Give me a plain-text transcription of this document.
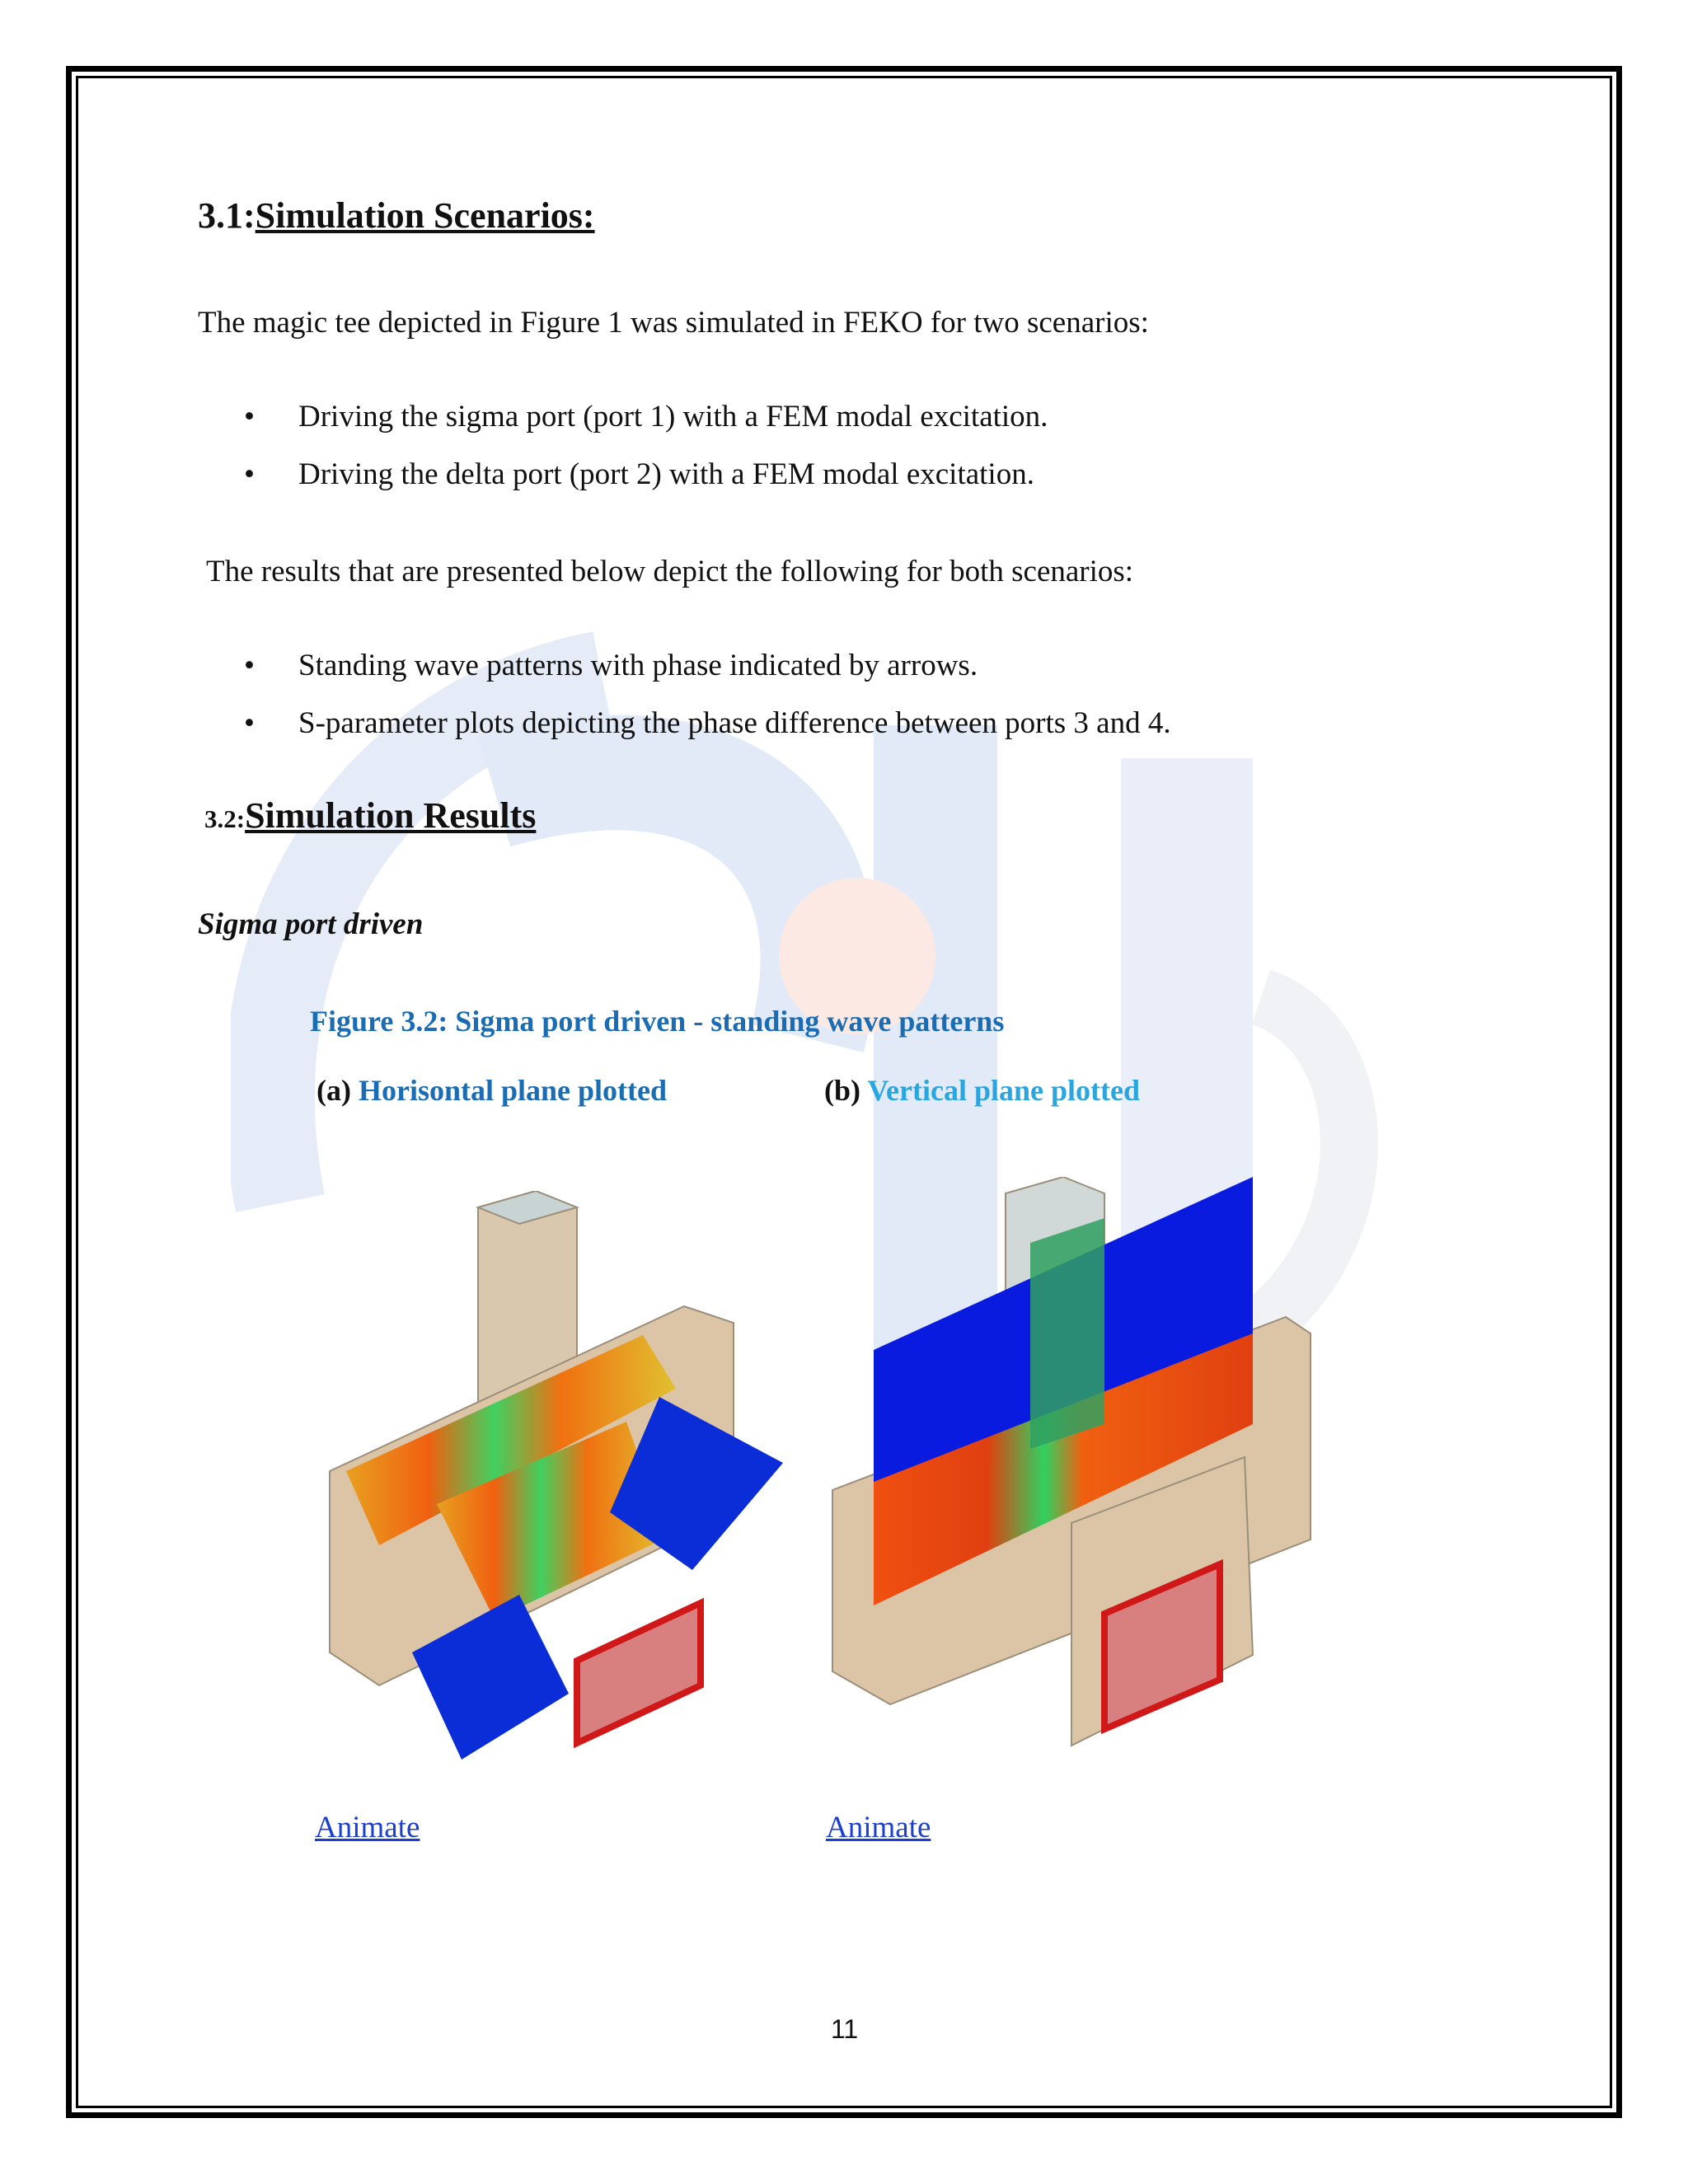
3.1:Simulation Scenarios:
The magic tee depicted in Figure 1 was simulated in FEKO for two scenarios:
• Driving the sigma port (port 1) with a FEM modal excitation.
• Driving the delta port (port 2) with a FEM modal excitation.
The results that are presented below depict the following for both scenarios:
• Standing wave patterns with phase indicated by arrows.
• S-parameter plots depicting the phase difference between ports 3 and 4.
3.2:Simulation Results
Sigma port driven
Figure 3.2: Sigma port driven - standing wave patterns
(a) Horisontal plane plotted	(b) Vertical plane plotted
Animate	Animate
11
